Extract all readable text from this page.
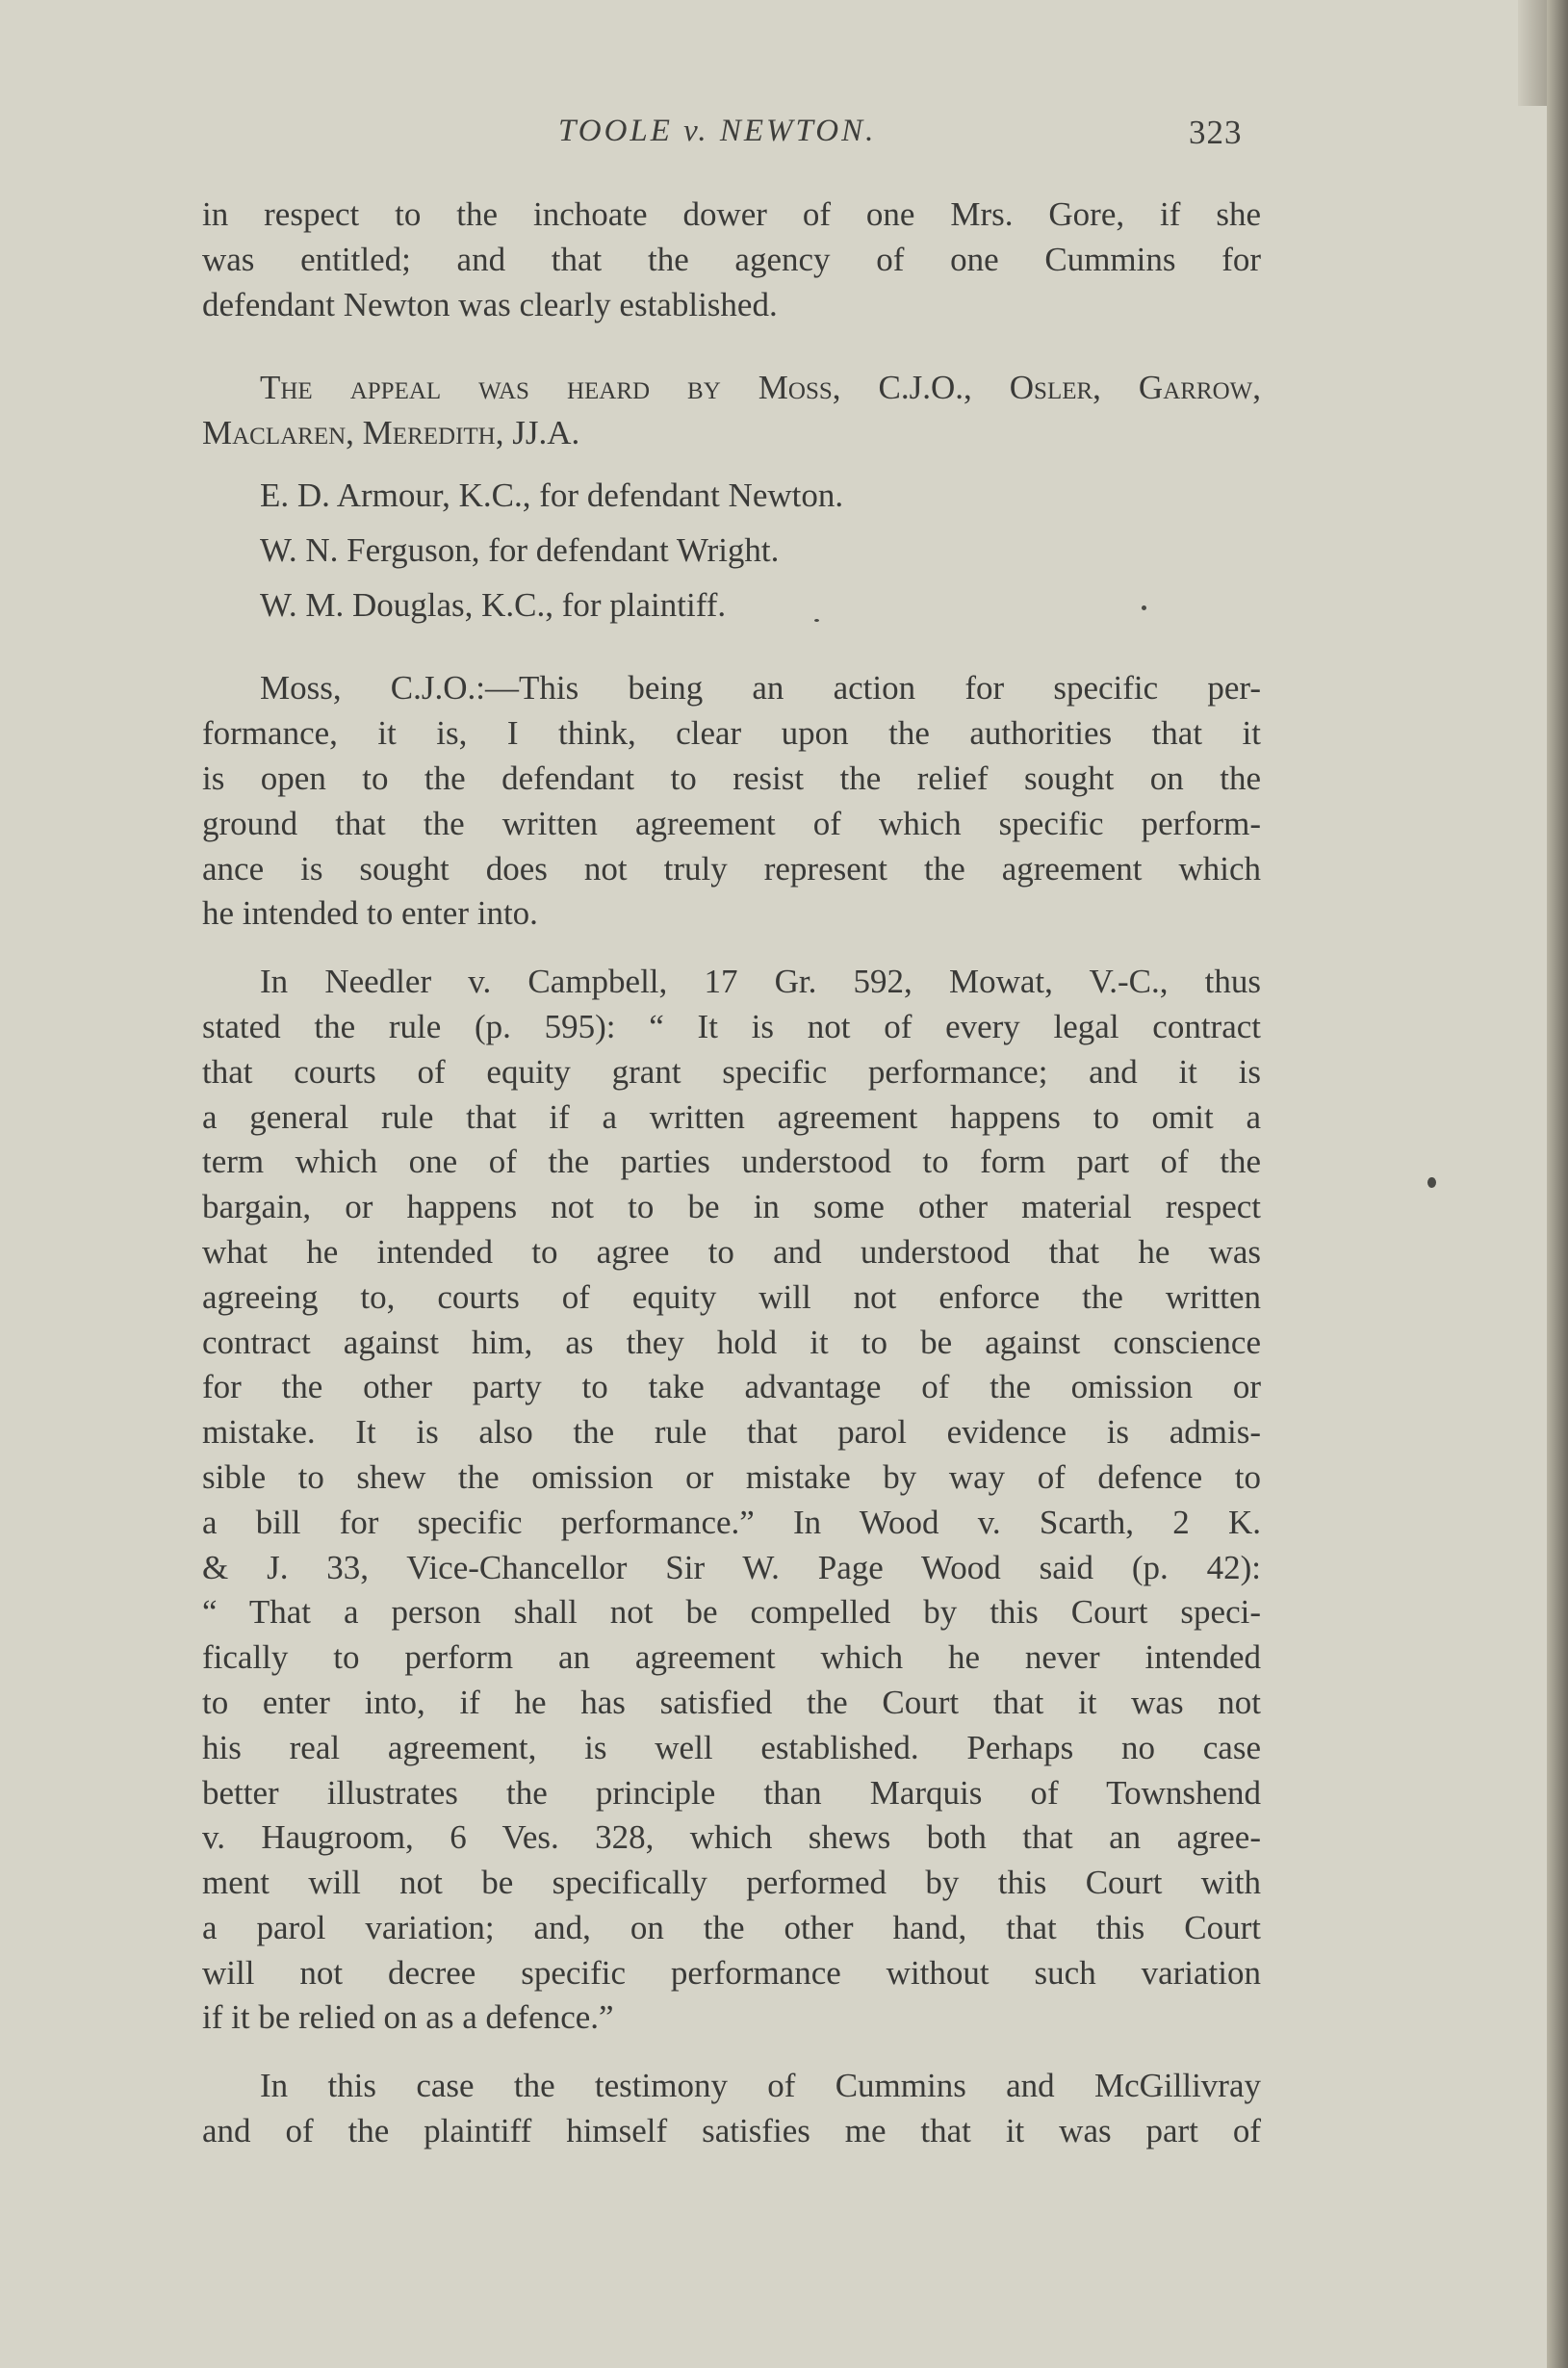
TOOLE v. NEWTON.	323
in respect to the inchoate dower of one Mrs. Gore, if she
was entitled; and that the agency of one Cummins for
defendant Newton was clearly established.
The appeal was heard by Moss, C.J.O., Osler, Garrow,
Maclaren, Meredith, JJ.A.
E. D. Armour, K.C., for defendant Newton.
W. N. Ferguson, for defendant Wright.
W. M. Douglas, K.C., for plaintiff.
Moss, C.J.O.:—This being an action for specific per-
formance, it is, I think, clear upon the authorities that it
is open to the defendant to resist the relief sought on the
ground that the written agreement of which specific perform-
ance is sought does not truly represent the agreement which
he intended to enter into.
In Needler v. Campbell, 17 Gr. 592, Mowat, V.-C., thus
stated the rule (p. 595): “ It is not of every legal contract
that courts of equity grant specific performance; and it is
a general rule that if a written agreement happens to omit a
term which one of the parties understood to form part of the
bargain, or happens not to be in some other material respect
what he intended to agree to and understood that he was
agreeing to, courts of equity will not enforce the written
contract against him, as they hold it to be against conscience
for the other party to take advantage of the omission or
mistake. It is also the rule that parol evidence is admis-
sible to shew the omission or mistake by way of defence to
a bill for specific performance.” In Wood v. Scarth, 2 K.
& J. 33, Vice-Chancellor Sir W. Page Wood said (p. 42):
“ That a person shall not be compelled by this Court speci-
fically to perform an agreement which he never intended
to enter into, if he has satisfied the Court that it was not
his real agreement, is well established. Perhaps no case
better illustrates the principle than Marquis of Townshend
v. Haugroom, 6 Ves. 328, which shews both that an agree-
ment will not be specifically performed by this Court with
a parol variation; and, on the other hand, that this Court
will not decree specific performance without such variation
if it be relied on as a defence.”
In this case the testimony of Cummins and McGillivray
and of the plaintiff himself satisfies me that it was part of
